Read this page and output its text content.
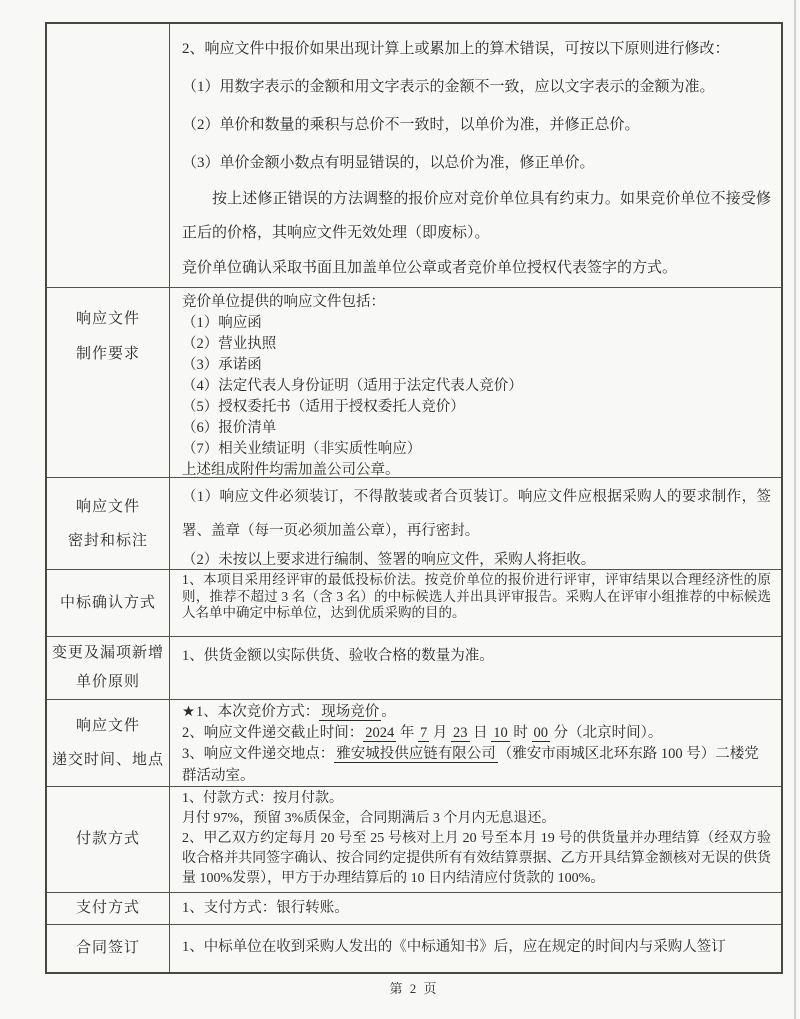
2、响应文件中报价如果出现计算上或累加上的算术错误，可按以下原则进行修改：

（1）用数字表示的金额和用文字表示的金额不一致，应以文字表示的金额为准。

（2）单价和数量的乘积与总价不一致时，以单价为准，并修正总价。

（3）单价金额小数点有明显错误的，以总价为准，修正单价。

按上述修正错误的方法调整的报价应对竞价单位具有约束力。如果竞价单位不接受修正后的价格，其响应文件无效处理（即废标）。

竞价单位确认采取书面且加盖单位公章或者竞价单位授权代表签字的方式。

响应文件
制作要求

竞价单位提供的响应文件包括：

（1）响应函

（2）营业执照

（3）承诺函

（4）法定代表人身份证明（适用于法定代表人竞价）

（5）授权委托书（适用于授权委托人竞价）

（6）报价清单

（7）相关业绩证明（非实质性响应）

上述组成附件均需加盖公司公章。

响应文件
密封和标注

（1）响应文件必须装订，不得散装或者合页装订。响应文件应根据采购人的要求制作，签署、盖章（每一页必须加盖公章），再行密封。

（2）未按以上要求进行编制、签署的响应文件，采购人将拒收。

中标确认方式

1、本项目采用经评审的最低投标价法。按竞价单位的报价进行评审，评审结果以合理经济性的原则，推荐不超过 3 名（含 3 名）的中标候选人并出具评审报告。采购人在评审小组推荐的中标候选人名单中确定中标单位，达到优质采购的目的。

变更及漏项新增
单价原则

1、供货金额以实际供货、验收合格的数量为准。

响应文件
递交时间、地点

★1、本次竞价方式： 现场竞价 。

2、响应文件递交截止时间： 2024 年 7 月 23 日 10 时 00 分（北京时间）。

3、响应文件递交地点： 雅安城投供应链有限公司 （雅安市雨城区北环东路 100 号）二楼党群活动室。

付款方式

1、付款方式：按月付款。

月付 97%，预留 3%质保金，合同期满后 3 个月内无息退还。

2、甲乙双方约定每月 20 号至 25 号核对上月 20 号至本月 19 号的供货量并办理结算（经双方验收合格并共同签字确认、按合同约定提供所有有效结算票据、乙方开具结算金额核对无误的供货量 100%发票），甲方于办理结算后的 10 日内结清应付货款的 100%。

支付方式	1、支付方式：银行转账。

合同签订	1、中标单位在收到采购人发出的《中标通知书》后，应在规定的时间内与采购人签订

第 2 页
